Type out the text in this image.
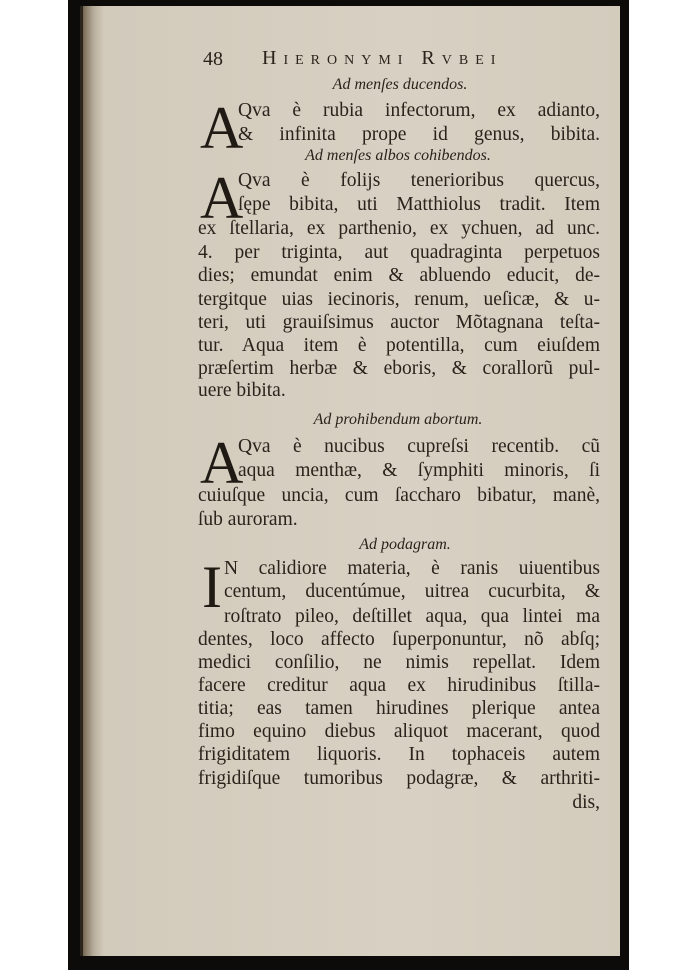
48 Hieronymi Rvbei
Ad menſes ducendos.
A
Qva è rubia infectorum, ex adianto,
& infinita prope id genus, bibita.
Ad menſes albos cohibendos.
A
Qva è folijs tenerioribus quercus,
ſępe bibita, uti Matthiolus tradit. Item
ex ſtellaria, ex parthenio, ex ychuen, ad unc.
4. per triginta, aut quadraginta perpetuos
dies; emundat enim & abluendo educit, de-
tergitque uias iecinoris, renum, ueſicæ, & u-
teri, uti grauiſsimus auctor Mõtagnana teſta-
tur. Aqua item è potentilla, cum eiuſdem
præſertim herbæ & eboris, & corallorũ pul-
uere bibita.
Ad prohibendum abortum.
A
Qva è nucibus cupreſsi recentib. cũ
aqua menthæ, & ſymphiti minoris, ſi
cuiuſque uncia, cum ſaccharo bibatur, manè,
ſub auroram.
Ad podagram.
I N calidiore materia, è ranis uiuentibus
centum, ducentúmue, uitrea cucurbita, &
roſtrato pileo, deſtillet aqua, qua lintei ma
dentes, loco affecto ſuperponuntur, nõ abſq;
medici conſilio, ne nimis repellat. Idem
facere creditur aqua ex hirudinibus ſtilla-
titia; eas tamen hirudines plerique antea
fimo equino diebus aliquot macerant, quod
frigiditatem liquoris. In tophaceis autem
frigidiſque tumoribus podagræ, & arthriti-
dis,
